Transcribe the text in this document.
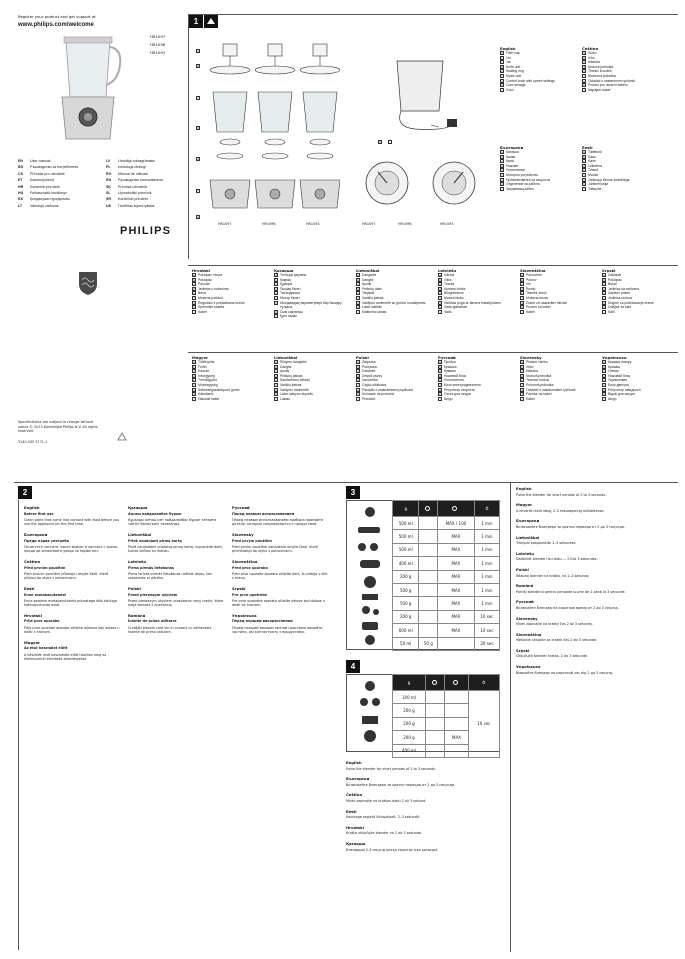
Register your product and get support at
www.philips.com/welcome
HR1097
HR1096
HR1093
EN	User manual	LV	Lietotāja rokasgrāmata
BG	Ръководство за потребителя	PL	Instrukcja obsługi
CS	Příručka pro uživatele	RO	Manual de utilizare
ET	Kasutusjuhend	RU	Руководство пользователя
HR	Korisnički priručnik	SK	Príručka užívateľa
HU	Felhasználói kézikönyv	SL	Uporabniški priročnik
KK	Қолданушы нұсқаулығы	SR	Korisnički priručnik
LT	Vartotojo vadovas	UK	Посібник користувача
PHILIPS
Specifications are subject to change without notice © 2013 Koninklijke Philips N.V. All rights reserved.
3140 035 3771.1
1
a
b
c
d
e
f
g
HR1097	HR1096	HR1093
h	i
HR1097	HR1096	HR1093
English
a Filler cap
b Lid
c Jar
d Knife unit
e Sealing ring
f	Motor unit
g Control knob with speed settings
h Cord storage
i	Cord
Čeština
a Víčko
b Víko
c Nádoba
d Nožová jednotka
e Těsnicí kroužek
f	Motorová jednotka
g Ovladač s nastavením rychlosti
h Prostor pro uložení kabelu
i	Napájecí kabel
Български
a Капачка
b Капак
c Кана
d Ножове
e Уплътнение
f	Моторно устройство
g Превключвател за скорости
h Отделение за кабела
i	Захранващ кабел
Eesti
a Täitekork
b Kaas
c Kann
d Lõiketera
e Tihend
f	Mootor
g Juhtnupp kiiruse seadetega
h Juhtmehoidja
i	Toitejuhe
Hrvatski
a Poklopac otvora
b Poklopac
c Posuda
d Jedinica s noževima
e Brtva
f	Motorna jedinica
g Regulator s postavkama brzine
h Spremište kabela
i	Kabel
Қазақша
a Толтыру қақпағы
b Қақпақ
c Құмыра
d Пышақ бөлігі
e Тығыздағыш
f	Мотор бөлігі
g Жылдамдық параметрлері бар басқару тұтқасы
h Сым сақтағыш
i	Қуат сымы
Lietuviškai
a Dangtelis
b Dangtis
c Ąsotis
d Peiliukų dalis
e Tarpiklis
f	Variklio įtaisas
g Valdymo rankenėlė su greičio nustatymais
h Laido laikiklis
i	Maitinimo laidas
Latviešu
a Vāciņš
b Vāks
c Trauks
d Asmeņu bloks
e Blīvgredzens
f	Motora bloks
g Vadības poga ar ātruma iestatījumiem
h Vada glabātuve
i	Vads
Slovenščina
a Pokrovček
b Pokrov
c Vrč
d Rezilo
e Tesnilni obroč
f	Motorna enota
g Gumb za nastavitev hitrosti
h Prostor za kabel
i	Kabel
Srpski
a Zatvarač
b Poklopac
c Bokal
d Jedinica sa sečivima
e Zaptivni prsten
f	Jedinica motora
g Dugme za podešavanje brzine
h Odeljak za kabl
i	Kabl
Magyar
a Töltőnyílás
b Fedél
c Kancsó
d Késegység
e Tömítőgyűrű
f	Motoregység
g Sebességszabályozó gomb
h Kábeltartó
i	Hálózati kábel
Lietuviškai
a Pildymo dangtelis
b Dangtis
c Ąsotis
d Peiliukų įtaisas
e Sandarinimo žiedas
f	Variklio įtaisas
g Valdymo rankenėlė
h Laido laikymo skyrelis
i	Laidas
Polski
a Zatyczka
b Pokrywka
c Dzbanek
d Zespół ostrzy
e Uszczelka
f	Część silnikowa
g Pokrętło z ustawieniami prędkości
h Schowek na przewód
i	Przewód
Русский
a Пробка
b Крышка
c Кувшин
d Ножевой блок
e Уплотнитель
f	Блок электродвигателя
g Регулятор скорости
h Отсек для шнура
i	Шнур
Slovensky
a Plniace viečko
b Veko
c Nádoba
d Nožová jednotka
e Tesniaci krúžok
f	Pohonná jednotka
g Ovládač s nastaveniami rýchlosti
h Priestor na kábel
i	Kábel
Українська
a Кришка отвору
b Кришка
c Глечик
d Ножовий блок
e Ущільнювач
f	Блок двигуна
g Регулятор швидкості
h Відсік для шнура
i	Шнур
2

English

Before first use

Clean parts that come into contact with food before you use the appliance for the first time.

Български

Преди първа употреба

Почистете частите, които влизат в контакт с храна, преди да използвате уреда за първи път.

Čeština

Před prvním použitím

Před prvním použitím přístroje umyjte části, které přijdou do styku s potravinami.

Eesti

Enne esmakasutamist

Enne seadme esmakasutamist puhastage kõik toiduga kokkupuutuvad osad.

Hrvatski

Prije prve uporabe

Prije prve uporabe aparata očistite dijelove koji dolaze u dodir s hranom.

Magyar

Az első használat előtt

A készülék első használata előtt tisztítsa meg az élelmiszerrel érintkező alkatrészeket.

Қазақша

Алғаш пайдаланбас бұрын

Құралды алғаш рет пайдаланбас бұрын тағамға тиетін бөліктерін тазалаңыз.

Lietuviškai

Prieš naudojant pirmą kartą

Prieš naudodami prietaisą pirmą kartą, nuplaukite dalis, kurios liečiasi su maistu.

Latviešu

Pirms pirmās lietošanas

Pirms ierīces pirmās lietošanas notīriet daļas, kas saskarsies ar pārtiku.

Polski

Przed pierwszym użyciem

Przed pierwszym użyciem urządzenia umyj części, które mają kontakt z żywnością.

Română

Înainte de prima utilizare

Curăţaţi piesele care vin în contact cu alimentele înainte de prima utilizare.

Русский

Перед первым использованием

Перед первым использованием прибора промойте детали, которые соприкасаются с продуктами.

Slovensky

Pred prvým použitím

Pred prvým použitím zariadenia umyte časti, ktoré prichádzajú do styku s potravinami.

Slovenščina

Pred prvo uporabo

Pred prvo uporabo aparata očistite dele, ki pridejo v stik s hrano.

Srpski

Pre prve upotrebe

Pre prve upotrebe aparata očistite delove koji dolaze u dodir sa hranom.

Українська

Перед першим використанням

Перед першим використанням пристрою помийте частини, які контактують з продуктами.

3
g			⏱
500 ml		MAX / 100	1 min
500 ml		MAX	1 min
500 ml		MAX	1 min
400 ml		MAX	1 min
200 g		MAX	1 min
500 g		MAX	1 min
500 g		MAX	1 min
200 g		MAX	10 sec
600 ml		MAX	10 sec
50 ml	50 g		20 sec
4
g			⏱
100 ml			10 sec
200 g			
200 g			
200 g		MAX	
400 ml			

English

Pulse the blender for short periods of 2 to 3 seconds.

Български

Включвайте блендера за кратки периоди от 2 до 3 секунди.

Čeština

Mixér zapínejte na krátkou dobu 2 až 3 sekund.

Eesti

Kasutage segistit lühiajaliselt, 2–3 sekundit.

Hrvatski

Kratko uključujte blender na 2 do 3 sekunde.

Қазақша

Блендерді 2-3 секунд қысқа уақытқа іске қосыңыз.

English

Pulse the blender for short periods of 2 to 3 seconds.

Magyar

A keverőt rövid ideig, 2-3 másodpercig működtesse.

Български

Включвайте блендера за кратки периоди от 2 до 3 секунди.

Lietuviškai

Trumpai paspauskite 2–3 sekundes.

Latviešu

Darbiniet blenderi īsu laiku — 2 līdz 3 sekundes.

Polski

Włączaj blender na krótko, na 2–3 sekundy.

Română

Porniţi blenderul pentru perioade scurte de 2 până la 3 secunde.

Русский

Включайте блендер на короткое время от 2 до 3 секунд.

Slovensky

Mixér zapínajte na krátky čas 2 až 3 sekundy.

Slovenščina

Mešalnik vklopite za kratek čas 2 do 3 sekunde.

Srpski

Uključujte blender kratko, 2 do 3 sekunde.

Українська

Вмикайте блендер на короткий час від 2 до 3 секунд.
